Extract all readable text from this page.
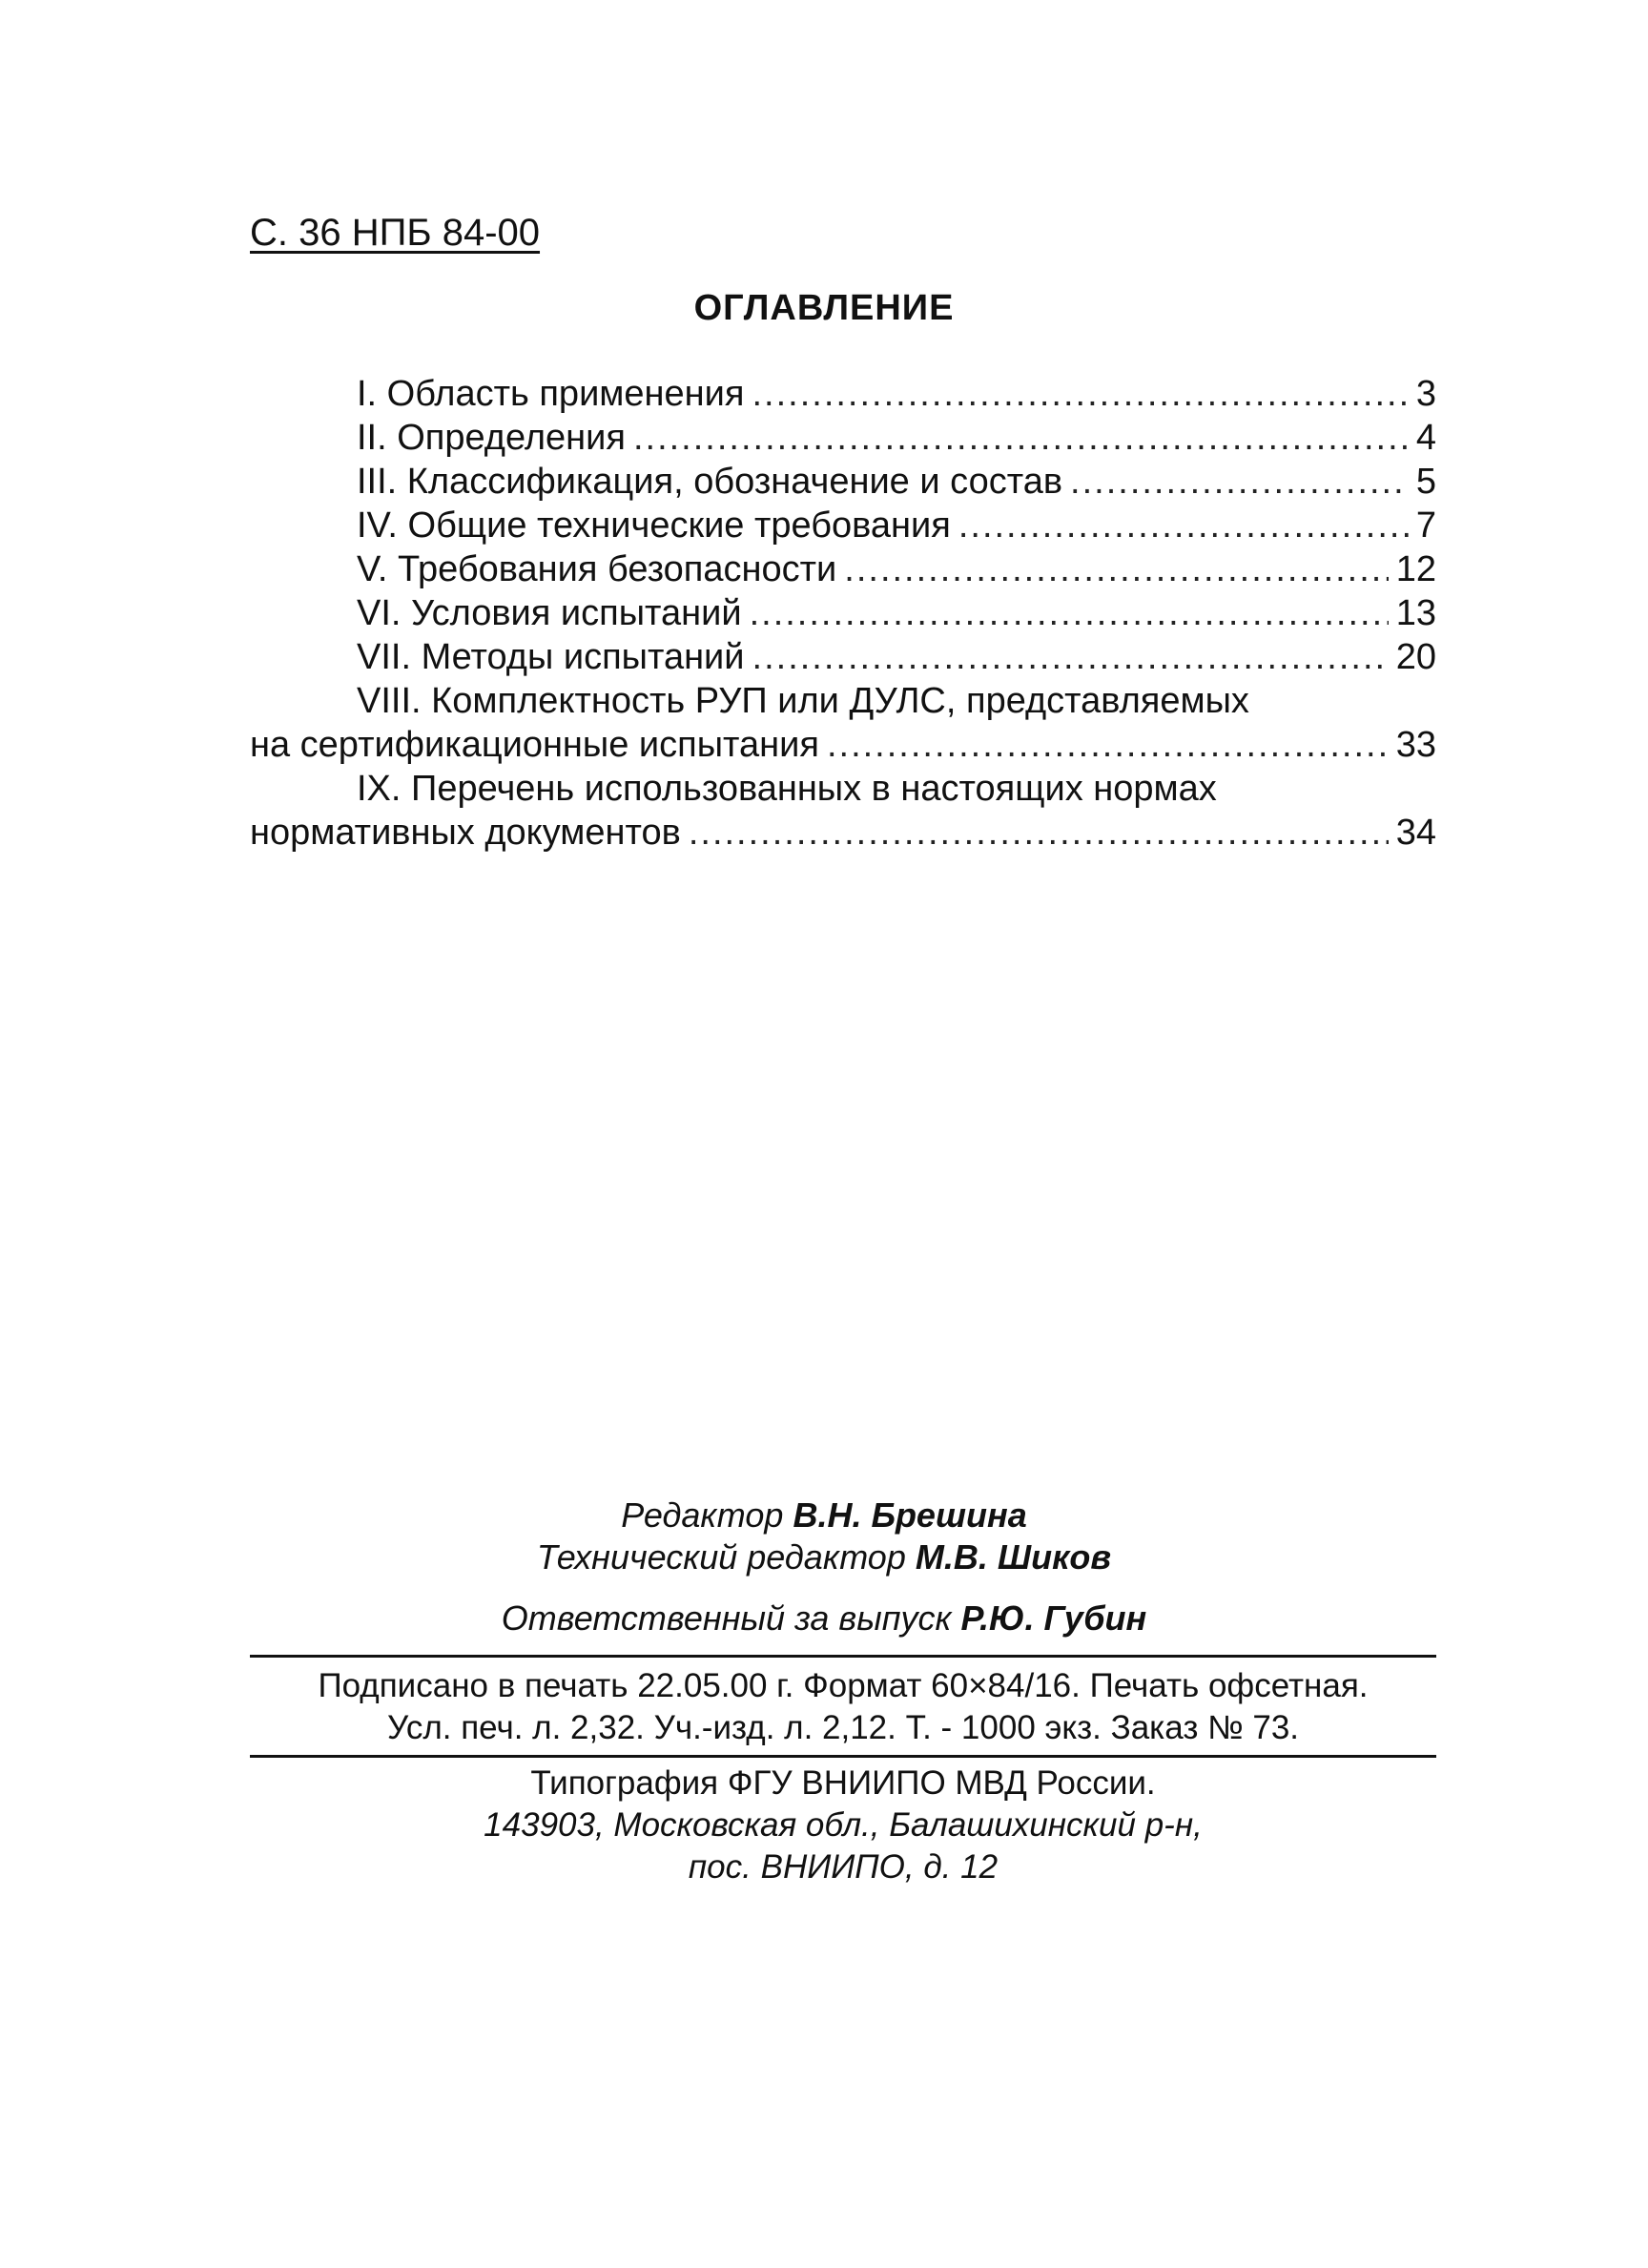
С. 36 НПБ 84-00
ОГЛАВЛЕНИЕ
I. Область применения .....	3
II. Определения .....	4
III. Классификация, обозначение и состав .....	5
IV. Общие технические требования .....	7
V. Требования безопасности .....	12
VI. Условия испытаний .....	13
VII. Методы испытаний .....	20
VIII. Комплектность РУП или ДУЛС, представляемых
на сертификационные испытания .....	33
IX. Перечень использованных в настоящих нормах
нормативных документов .....	34
Редактор В.Н. Брешина
Технический редактор М.В. Шиков
Ответственный за выпуск Р.Ю. Губин
Подписано в печать 22.05.00 г. Формат 60×84/16. Печать офсетная.
Усл. печ. л. 2,32. Уч.-изд. л. 2,12. Т. - 1000 экз. Заказ № 73.
Типография ФГУ ВНИИПО МВД России.
143903, Московская обл., Балашихинский р-н,
пос. ВНИИПО, д. 12
